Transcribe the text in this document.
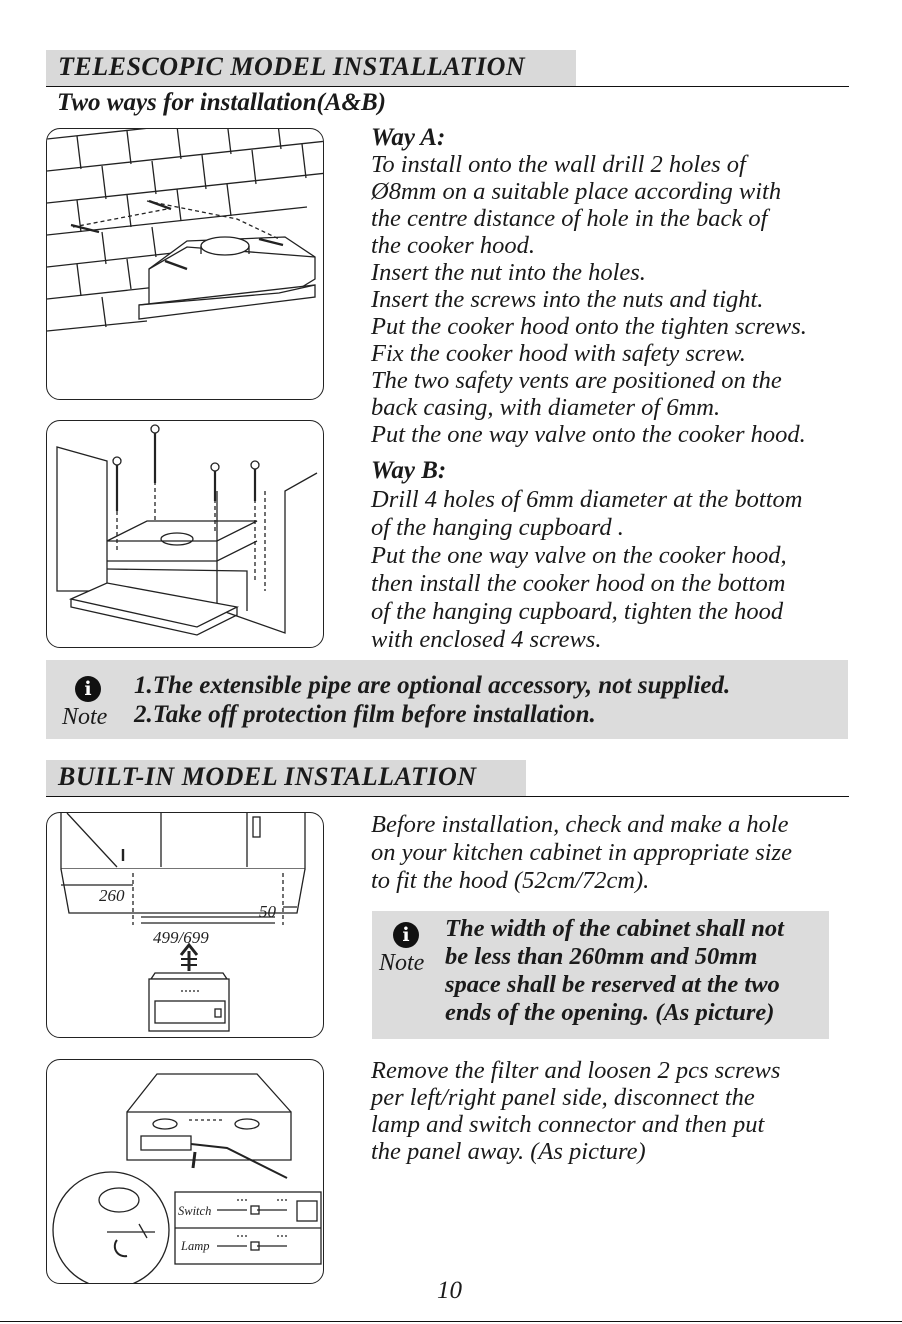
TELESCOPIC MODEL INSTALLATION
Two ways for installation(A&B)
Way A:
To install onto the wall drill 2 holes of
Ø8mm on a suitable place according with
the centre distance of hole in the back of
the cooker hood.
Insert the nut into the holes.
Insert the screws into the nuts and tight.
Put the cooker hood onto the tighten screws.
Fix the cooker hood with safety screw.
The two safety vents are positioned on the
back casing, with diameter of 6mm.
Put the one way valve onto the cooker hood.
Way B:
Drill 4 holes of 6mm diameter at the bottom
of the hanging cupboard .
Put the one way valve on the cooker hood,
then install the cooker hood on the bottom
of the hanging cupboard, tighten the hood
with enclosed 4 screws.
i
Note
1.The extensible pipe are optional accessory, not supplied.
2.Take off protection film before installation.
BUILT-IN MODEL INSTALLATION
260
50
499/699
Switch
Lamp
Before installation, check and make a hole
on your kitchen cabinet in appropriate size
to fit the hood (52cm/72cm).
i
Note
The width of the cabinet shall not
be less than 260mm and 50mm
space shall be reserved at the two
ends of the opening. (As picture)
Remove the filter and loosen 2 pcs screws
per left/right panel side, disconnect the
lamp and switch connector and then put
the panel away. (As picture)
10
